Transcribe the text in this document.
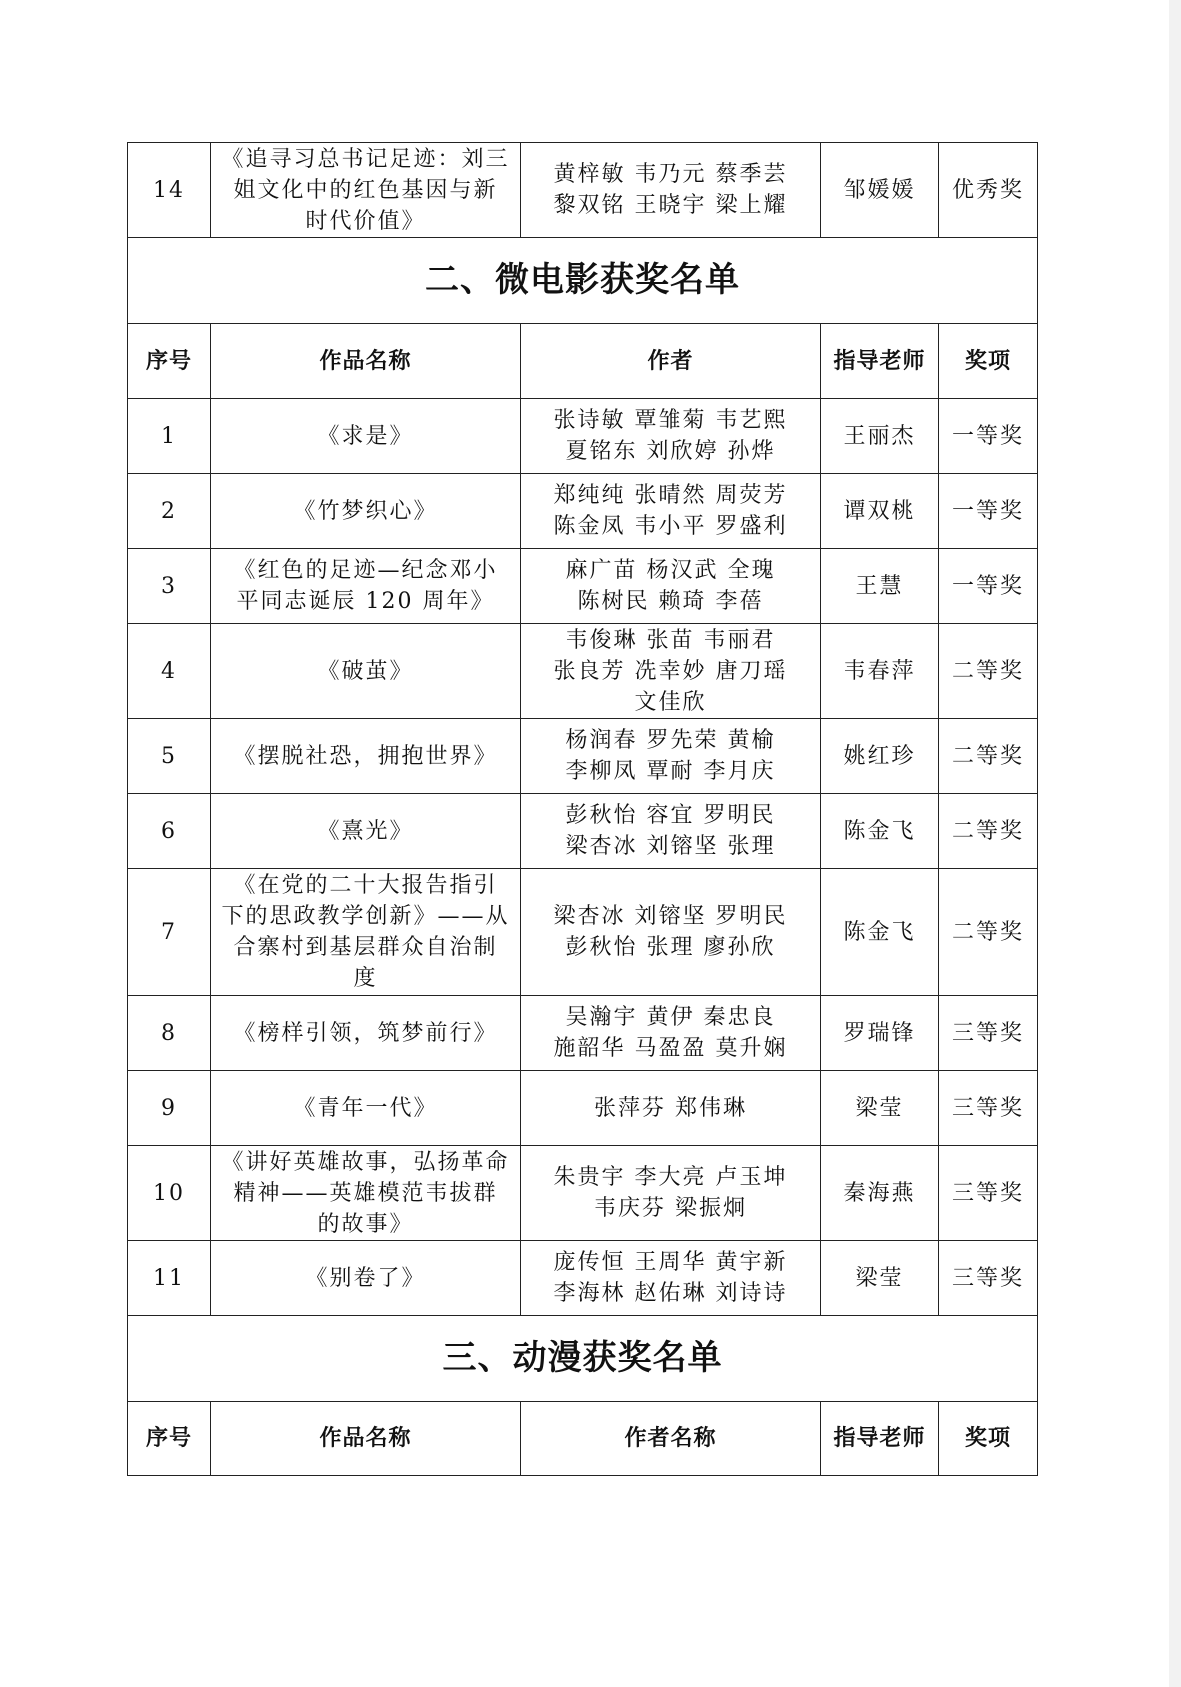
14	《追寻习总书记足迹：刘三
姐文化中的红色基因与新
时代价值》	黄梓敏 韦乃元 蔡季芸
黎双铭 王晓宇 梁上耀	邹媛媛	优秀奖
二、微电影获奖名单				
序号	作品名称	作者	指导老师	奖项
1	《求是》	张诗敏 覃雏菊 韦艺熙
夏铭东 刘欣婷 孙烨	王丽杰	一等奖
2	《竹梦织心》	郑纯纯 张晴然 周荧芳
陈金凤 韦小平 罗盛利	谭双桃	一等奖
3	《红色的足迹—纪念邓小
平同志诞辰 120 周年》	麻广苗 杨汉武 全瑰
陈树民 赖琦 李蓓	王慧	一等奖
4	《破茧》	韦俊琳 张苗 韦丽君
张良芳 冼幸妙 唐刀瑶
文佳欣	韦春萍	二等奖
5	《摆脱社恐，拥抱世界》	杨润春 罗先荣 黄榆
李柳凤 覃耐 李月庆	姚红珍	二等奖
6	《熹光》	彭秋怡 容宜 罗明民
梁杏冰 刘镕坚 张理	陈金飞	二等奖
7	《在党的二十大报告指引
下的思政教学创新》——从
合寨村到基层群众自治制
度	梁杏冰 刘镕坚 罗明民
彭秋怡 张理 廖孙欣	陈金飞	二等奖
8	《榜样引领，筑梦前行》	吴瀚宇 黄伊 秦忠良
施韶华 马盈盈 莫升娴	罗瑞锋	三等奖
9	《青年一代》	张萍芬 郑伟琳	梁莹	三等奖
10	《讲好英雄故事，弘扬革命
精神——英雄模范韦拔群
的故事》	朱贵宇 李大亮 卢玉坤
韦庆芬 梁振炯	秦海燕	三等奖
11	《别卷了》	庞传恒 王周华 黄宇新
李海林 赵佑琳 刘诗诗	梁莹	三等奖
三、动漫获奖名单				
序号	作品名称	作者名称	指导老师	奖项
